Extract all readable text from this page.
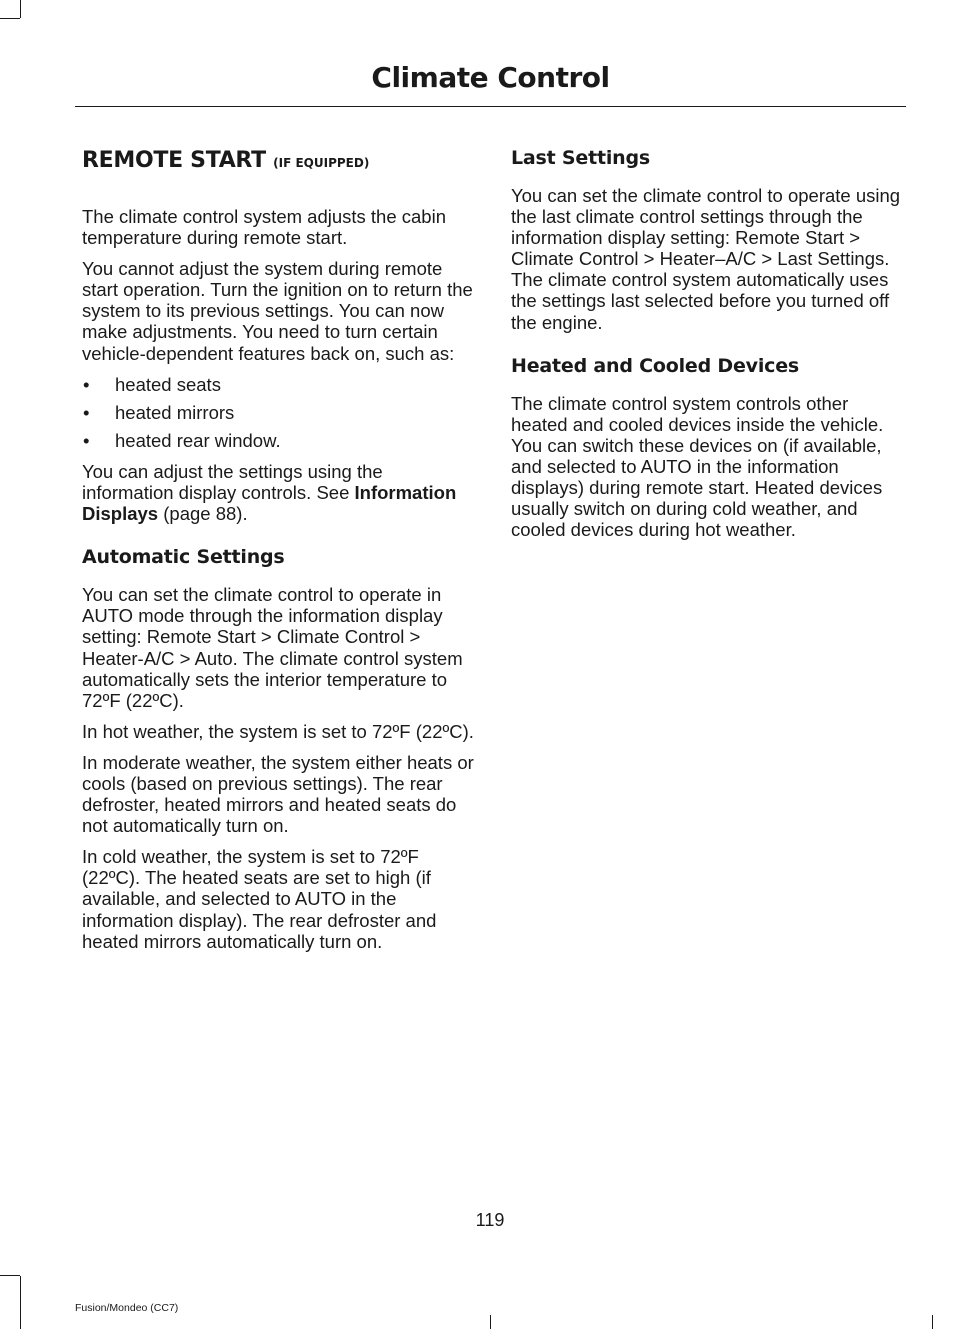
Climate Control
REMOTE START (IF EQUIPPED)

The climate control system adjusts the cabin temperature during remote start.

You cannot adjust the system during remote start operation. Turn the ignition on to return the system to its previous settings. You can now make adjustments. You need to turn certain vehicle-dependent features back on, such as:

• heated seats
• heated mirrors
• heated rear window.

You can adjust the settings using the information display controls. See Information Displays (page 88).

Automatic Settings

You can set the climate control to operate in AUTO mode through the information display setting: Remote Start > Climate Control > Heater-A/C > Auto. The climate control system automatically sets the interior temperature to 72ºF (22ºC).

In hot weather, the system is set to 72ºF (22ºC).

In moderate weather, the system either heats or cools (based on previous settings). The rear defroster, heated mirrors and heated seats do not automatically turn on.

In cold weather, the system is set to 72ºF (22ºC). The heated seats are set to high (if available, and selected to AUTO in the information display). The rear defroster and heated mirrors automatically turn on.

Last Settings

You can set the climate control to operate using the last climate control settings through the information display setting: Remote Start > Climate Control > Heater–A/C > Last Settings. The climate control system automatically uses the settings last selected before you turned off the engine.

Heated and Cooled Devices

The climate control system controls other heated and cooled devices inside the vehicle. You can switch these devices on (if available, and selected to AUTO in the information displays) during remote start. Heated devices usually switch on during cold weather, and cooled devices during hot weather.

119
Fusion/Mondeo (CC7)
